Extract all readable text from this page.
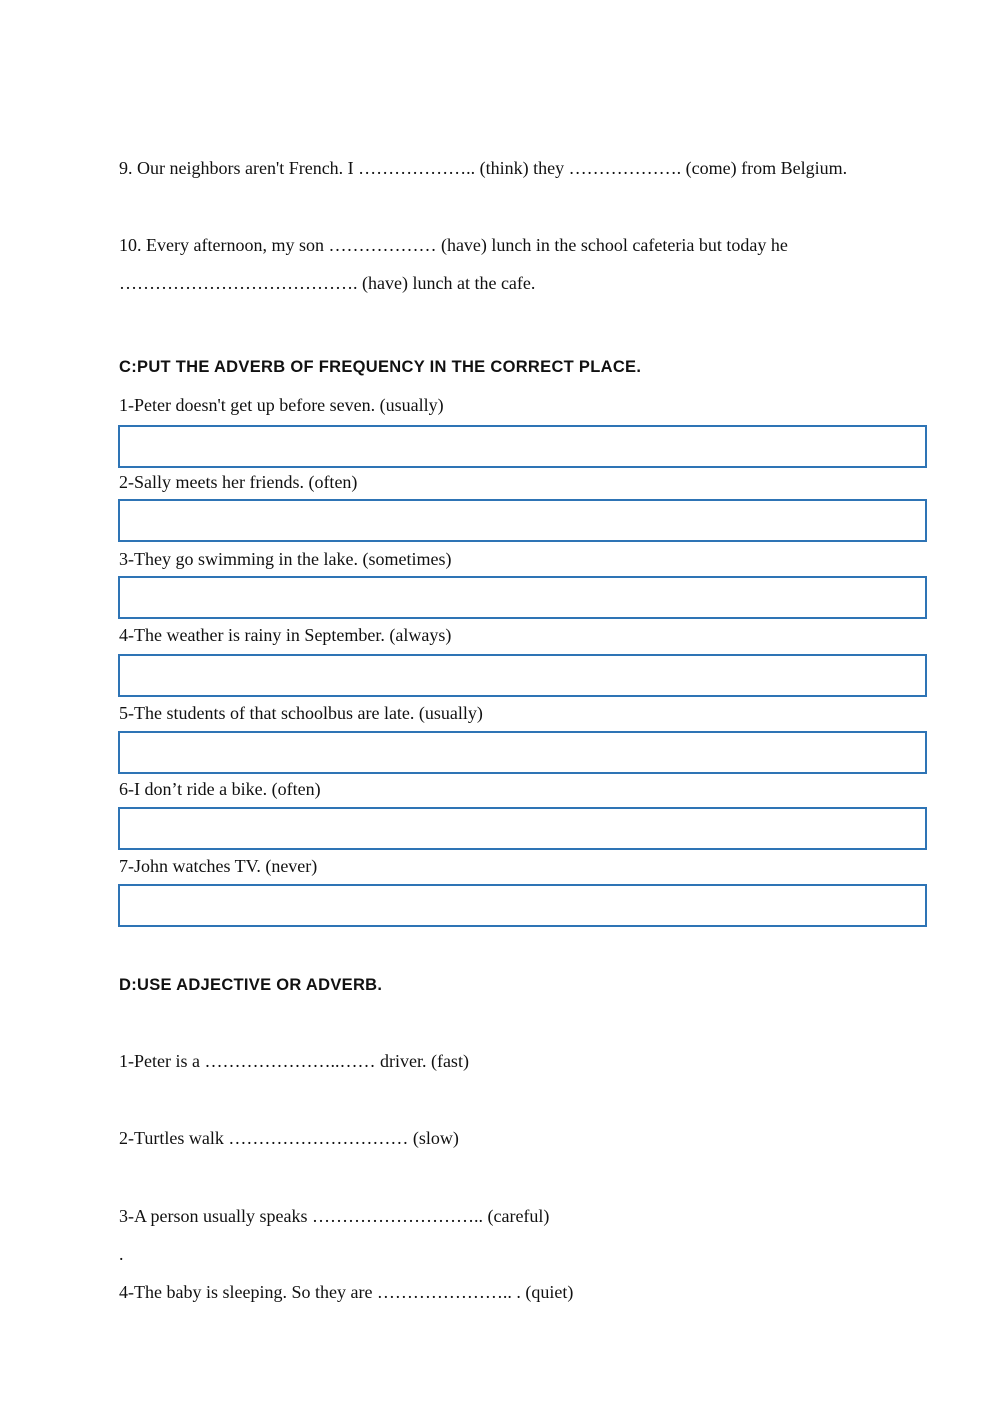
9. Our neighbors aren't French. I ……………….. (think) they ………………. (come) from Belgium.
10. Every afternoon, my son ……………… (have) lunch in the school cafeteria but today he
…………………………………. (have) lunch at the cafe.
C:PUT THE ADVERB OF FREQUENCY IN THE CORRECT PLACE.
1-Peter doesn't get up before seven. (usually)
2-Sally meets her friends. (often)
3-They go swimming in the lake. (sometimes)
4-The weather is rainy in September. (always)
5-The students of that schoolbus are late. (usually)
6-I don’t ride a bike. (often)
7-John watches TV. (never)
D:USE ADJECTIVE OR ADVERB.
1-Peter is a …………………..…… driver. (fast)
2-Turtles walk ………………………… (slow)
3-A person usually speaks ……………………….. (careful)
.
4-The baby is sleeping. So they are ………………….. . (quiet)
